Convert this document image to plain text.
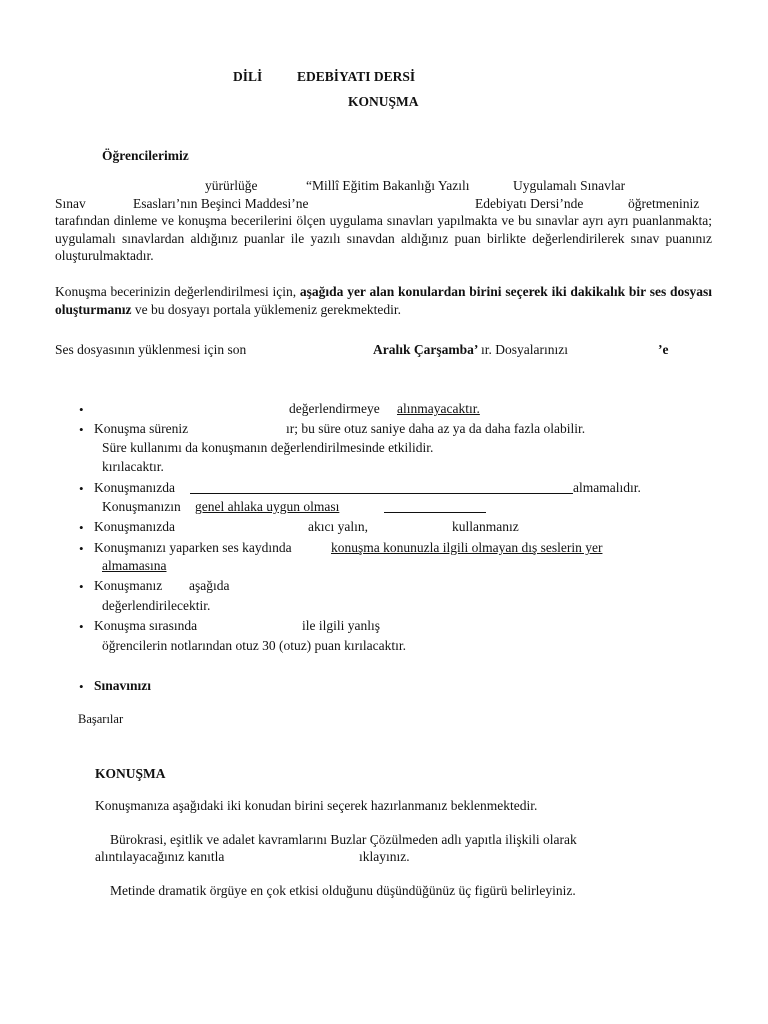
DİLİ	EDEBİYATI DERSİ
KONUŞMA
Öğrencilerimiz
yürürlüğe	“Millî Eğitim Bakanlığı Yazılı	Uygulamalı Sınavlar
Sınav	Esasları’nın Beşinci Maddesi’ne	Edebiyatı Dersi’nde	öğretmeniniz
tarafından dinleme ve konuşma becerilerini ölçen uygulama sınavları yapılmakta ve bu sınavlar ayrı ayrı puanlanmakta; uygulamalı sınavlardan aldığınız puanlar ile yazılı sınavdan aldığınız puan birlikte değerlendirilerek sınav puanınız oluşturulmaktadır.
Konuşma becerinizin değerlendirilmesi için, aşağıda yer alan konulardan birini seçerek iki dakikalık bir ses dosyası oluşturmanız ve bu dosyayı portala yüklemeniz gerekmektedir.
Ses dosyasının yüklenmesi için son	Aralık Çarşamba’ ır. Dosyalarınızı	’e
•	değerlendirmeye alınmayacaktır.
• Konuşma süreniz	ır; bu süre otuz saniye daha az ya da daha fazla olabilir.
Süre kullanımı da konuşmanın değerlendirilmesinde etkilidir.
kırılacaktır.
• Konuşmanızda	almamalıdır.
Konuşmanızın genel ahlaka uygun olması
• Konuşmanızda	akıcı yalın,	kullanmanız
• Konuşmanızı yaparken ses kaydında	konuşma konunuzla ilgili olmayan dış seslerin yer
almamasına
• Konuşmanız aşağıda
değerlendirilecektir.
• Konuşma sırasında	ile ilgili yanlış
öğrencilerin notlarından otuz 30 (otuz) puan kırılacaktır.
• Sınavınızı
Başarılar
KONUŞMA
Konuşmanıza aşağıdaki iki konudan birini seçerek hazırlanmanız beklenmektedir.
Bürokrasi, eşitlik ve adalet kavramlarını Buzlar Çözülmeden adlı yapıtla ilişkili olarak
alıntılayacağınız kanıtla	ıklayınız.
Metinde dramatik örgüye en çok etkisi olduğunu düşündüğünüz üç figürü belirleyiniz.
